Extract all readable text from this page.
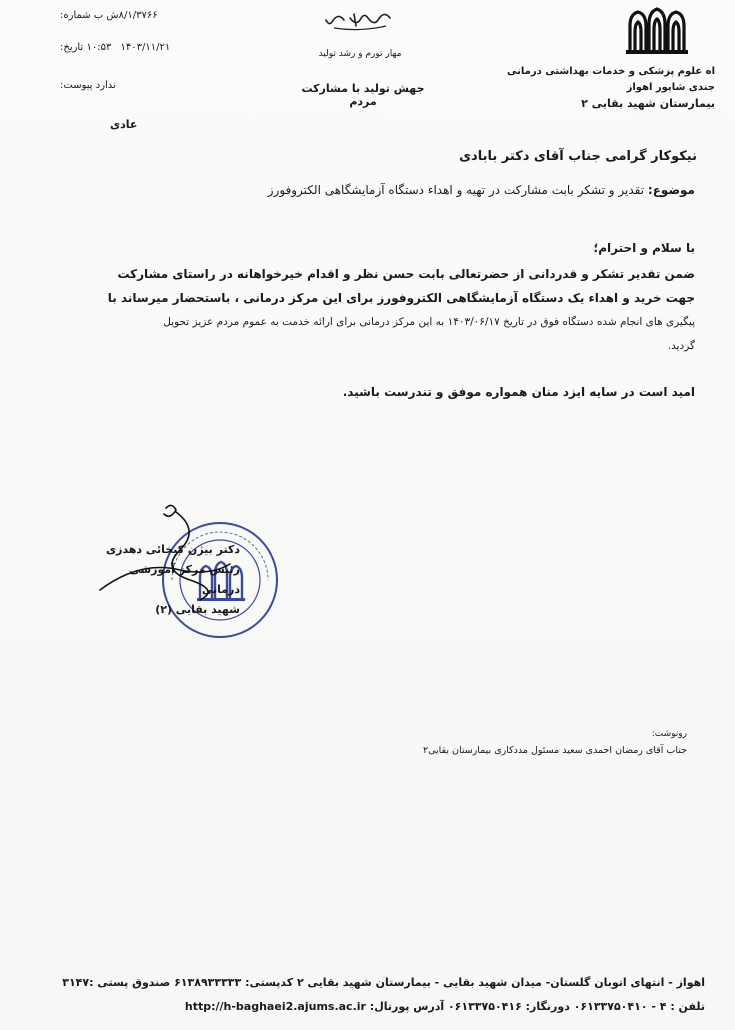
اه علوم پزشکی و خدمات بهداشتی درمانی
جندی شاپور اهواز
بیمارستان شهید بقایی ۲
مهار تورم و رشد تولید
جهش تولید با مشارکت مردم
شماره: ۸/۱/۳۷۶۶ش ب
تاریخ: ۱۰:۵۳ ۱۴۰۳/۱۱/۲۱
پیوست: ندارد
عادی
نیکوکار گرامی جناب آقای دکتر بابادی
موضوع: تقدیر و تشکر بابت مشارکت در تهیه و اهداء دستگاه آزمایشگاهی الکتروفورز
با سلام و احترام؛
ضمن تقدیر تشکر و قدردانی از حضرتعالی بابت حسن نظر و اقدام خیرخواهانه در راستای مشارکت
جهت خرید و اهداء یک دستگاه آزمایشگاهی الکتروفورز برای این مرکز درمانی ، باستحضار میرساند با
پیگیری های انجام شده دستگاه فوق در تاریخ ۱۴۰۳/۰۶/۱۷ به این مرکز درمانی برای ارائه خدمت به عموم مردم عزیز تحویل
گردید.
امید است در سایه ایزد منان همواره موفق و تندرست باشید.
دکتر بیژن کیخائی دهدزی
رئیس مرکز آموزشی درمانی
شهید بقایی (۲)
رونوشت:
جناب آقای رمضان احمدی سعید مسئول مددکاری بیمارستان بقایی۲
اهواز - انتهای اتوبان گلستان- میدان شهید بقایی - بیمارستان شهید بقایی ۲ کدپستی: ۶۱۳۸۹۳۳۳۳۳ صندوق پستی :۳۱۴۷
تلفن : ۴ - ۰۶۱۳۳۷۵۰۴۱۰ دورنگار: ۰۶۱۳۳۷۵۰۴۱۶ آدرس پورتال: http://h-baghaei2.ajums.ac.ir
